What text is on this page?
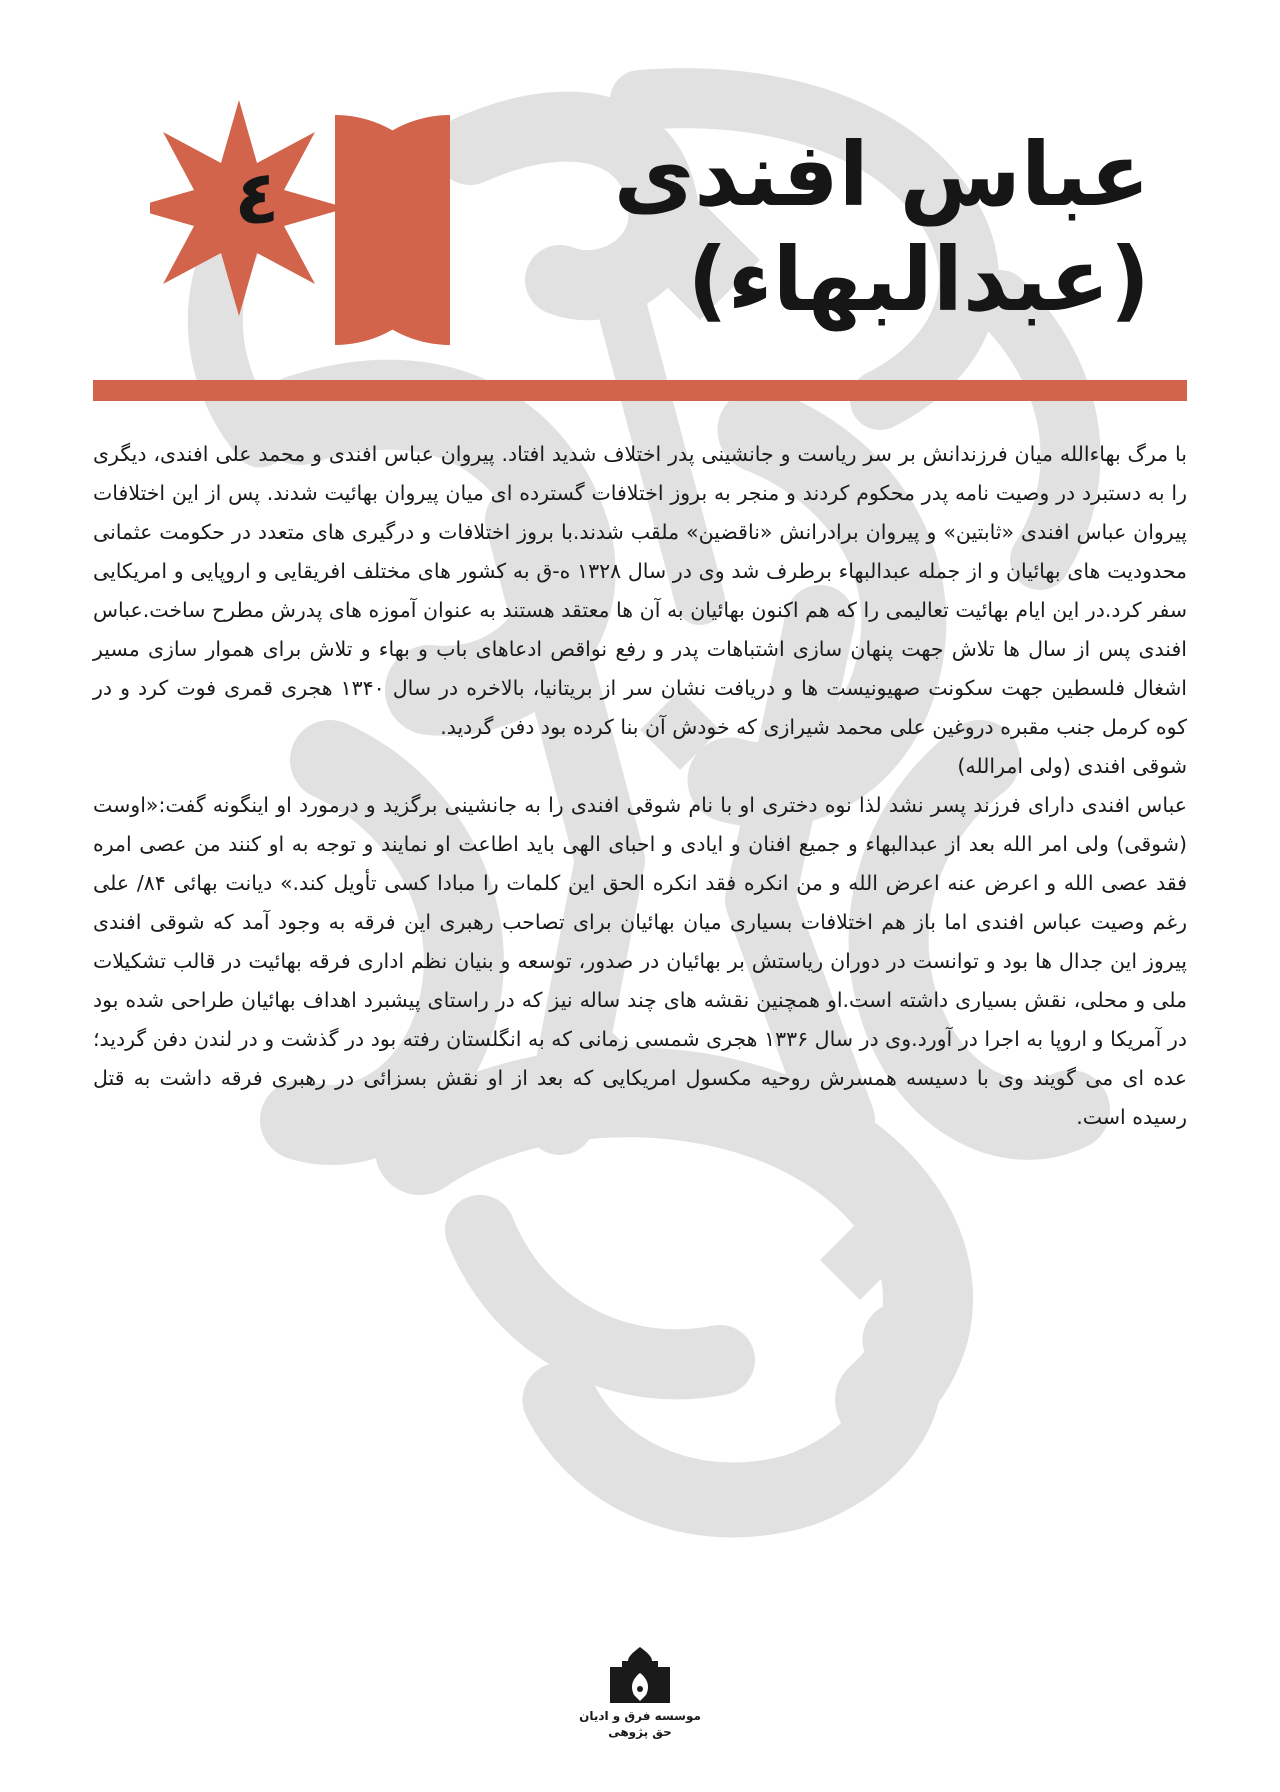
٤	عباس افندی
(عبدالبهاء)

با مرگ بهاءالله میان فرزندانش بر سر ریاست و جانشینی پدر اختلاف شدید افتاد. پیروان عباس افندی و محمد علی افندی، دیگری را به دستبرد در وصیت نامه پدر محکوم کردند و منجر به بروز اختلافات گسترده ای میان پیروان بهائیت شدند. پس از این اختلافات پیروان عباس افندی «ثابتین» و پیروان برادرانش «ناقضین» ملقب شدند.با بروز اختلافات و درگیری های متعدد در حکومت عثمانی محدودیت های بهائیان و از جمله عبدالبهاء برطرف شد وی در سال ۱۳۲۸ ه-ق به کشور های مختلف افریقایی و اروپایی و امریکایی سفر کرد.در این ایام بهائیت تعالیمی را که هم اکنون بهائیان به آن ها معتقد هستند به عنوان آموزه های پدرش مطرح ساخت.عباس افندی پس از سال ها تلاش جهت پنهان سازی اشتباهات پدر و رفع نواقص ادعاهای باب و بهاء و تلاش برای هموار سازی مسیر اشغال فلسطین جهت سکونت صهیونیست ها و دریافت نشان سر از بریتانیا، بالاخره در سال ۱۳۴۰ هجری قمری فوت کرد و در کوه کرمل جنب مقبره دروغین علی محمد شیرازی که خودش آن بنا کرده بود دفن گردید.

شوقی افندی (ولی امرالله)

عباس افندی دارای فرزند پسر نشد لذا نوه دختری او با نام شوقی افندی را به جانشینی برگزید و درمورد او اینگونه گفت:«اوست (شوقی) ولی امر الله بعد از عبدالبهاء و جمیع افنان و ایادی و احبای الهی باید اطاعت او نمایند و توجه به او کنند من عصی امره فقد عصی الله و اعرض عنه اعرض الله و من انکره فقد انکره الحق این کلمات را مبادا کسی تأویل کند.» دیانت بهائی ۸۴/ علی رغم وصیت عباس افندی اما باز هم اختلافات بسیاری میان بهائیان برای تصاحب رهبری این فرقه به وجود آمد که شوقی افندی پیروز این جدال ها بود و توانست در دوران ریاستش بر بهائیان در صدور، توسعه و بنیان نظم اداری فرقه بهائیت در قالب تشکیلات ملی و محلی، نقش بسیاری داشته است.او همچنین نقشه های چند ساله نیز که در راستای پیشبرد اهداف بهائیان طراحی شده بود در آمریکا و اروپا به اجرا در آورد.وی در سال ۱۳۳۶ هجری شمسی زمانی که به انگلستان رفته بود در گذشت و در لندن دفن گردید؛ عده ای می گویند وی با دسیسه همسرش روحیه مکسول امریکایی که بعد از او نقش بسزائی در رهبری فرقه داشت به قتل رسیده است.

موسسه فرق و ادیان
حق پژوهی
